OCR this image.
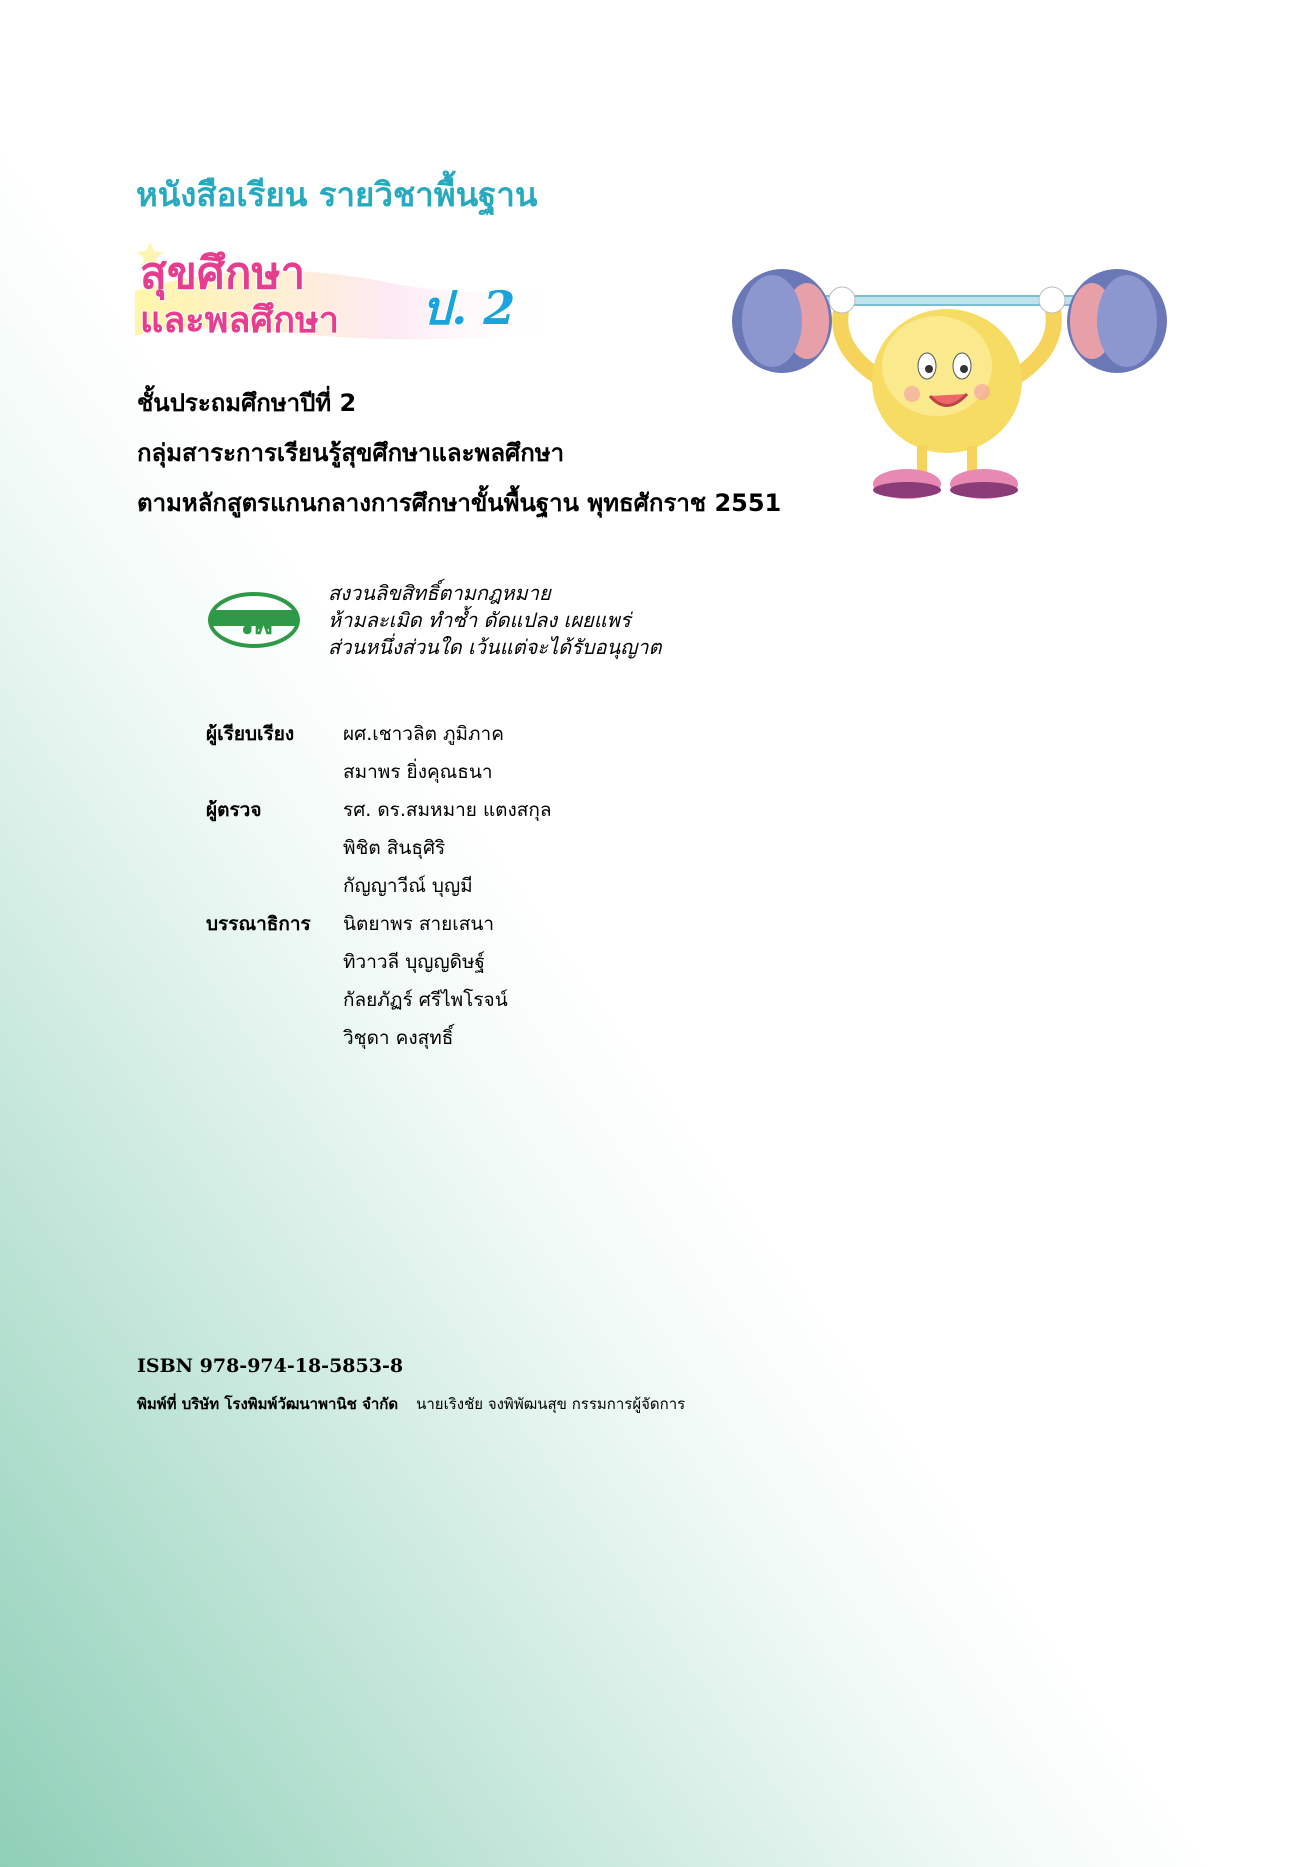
หนังสือเรียน รายวิชาพื้นฐาน
สุขศึกษา
และพลศึกษา ป. 2
ชั้นประถมศึกษาปีที่ 2
กลุ่มสาระการเรียนรู้สุขศึกษาและพลศึกษา
ตามหลักสูตรแกนกลางการศึกษาขั้นพื้นฐาน พุทธศักราช 2551
วพ
สงวนลิขสิทธิ์ตามกฎหมาย
ห้ามละเมิด ทำซ้ำ ดัดแปลง เผยแพร่
ส่วนหนึ่งส่วนใด เว้นแต่จะได้รับอนุญาต
ผู้เรียบเรียง	ผศ.เชาวลิต ภูมิภาค
สมาพร ยิ่งคุณธนา
ผู้ตรวจ	รศ. ดร.สมหมาย แตงสกุล
พิชิต สินธุศิริ
กัญญาวีณ์ บุญมี
บรรณาธิการ	นิตยาพร สายเสนา
ทิวาวลี บุญญดิษฐ์
กัลยภัฏร์ ศรีไพโรจน์
วิชุดา คงสุทธิ์
ISBN 978-974-18-5853-8
พิมพ์ที่ บริษัท โรงพิมพ์วัฒนาพานิช จำกัด นายเริงชัย จงพิพัฒนสุข กรรมการผู้จัดการ
